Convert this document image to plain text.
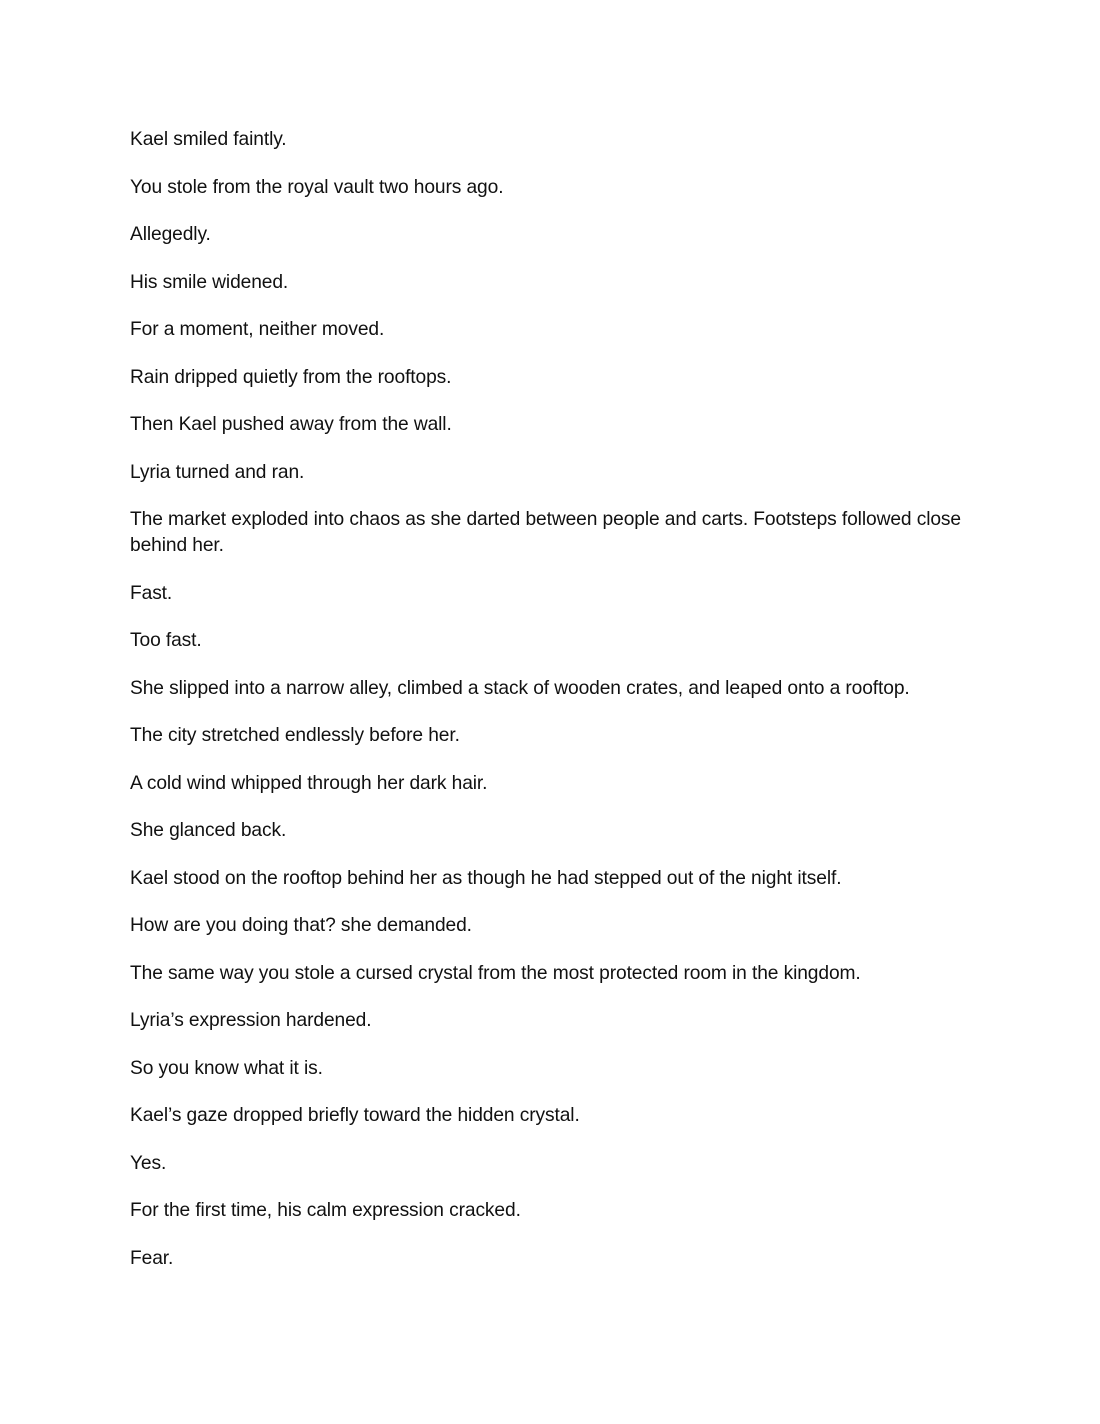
Kael smiled faintly.

You stole from the royal vault two hours ago.

Allegedly.

His smile widened.

For a moment, neither moved.

Rain dripped quietly from the rooftops.

Then Kael pushed away from the wall.

Lyria turned and ran.

The market exploded into chaos as she darted between people and carts. Footsteps followed close behind her.

Fast.

Too fast.

She slipped into a narrow alley, climbed a stack of wooden crates, and leaped onto a rooftop.

The city stretched endlessly before her.

A cold wind whipped through her dark hair.

She glanced back.

Kael stood on the rooftop behind her as though he had stepped out of the night itself.

How are you doing that? she demanded.

The same way you stole a cursed crystal from the most protected room in the kingdom.

Lyria’s expression hardened.

So you know what it is.

Kael’s gaze dropped briefly toward the hidden crystal.

Yes.

For the first time, his calm expression cracked.

Fear.
